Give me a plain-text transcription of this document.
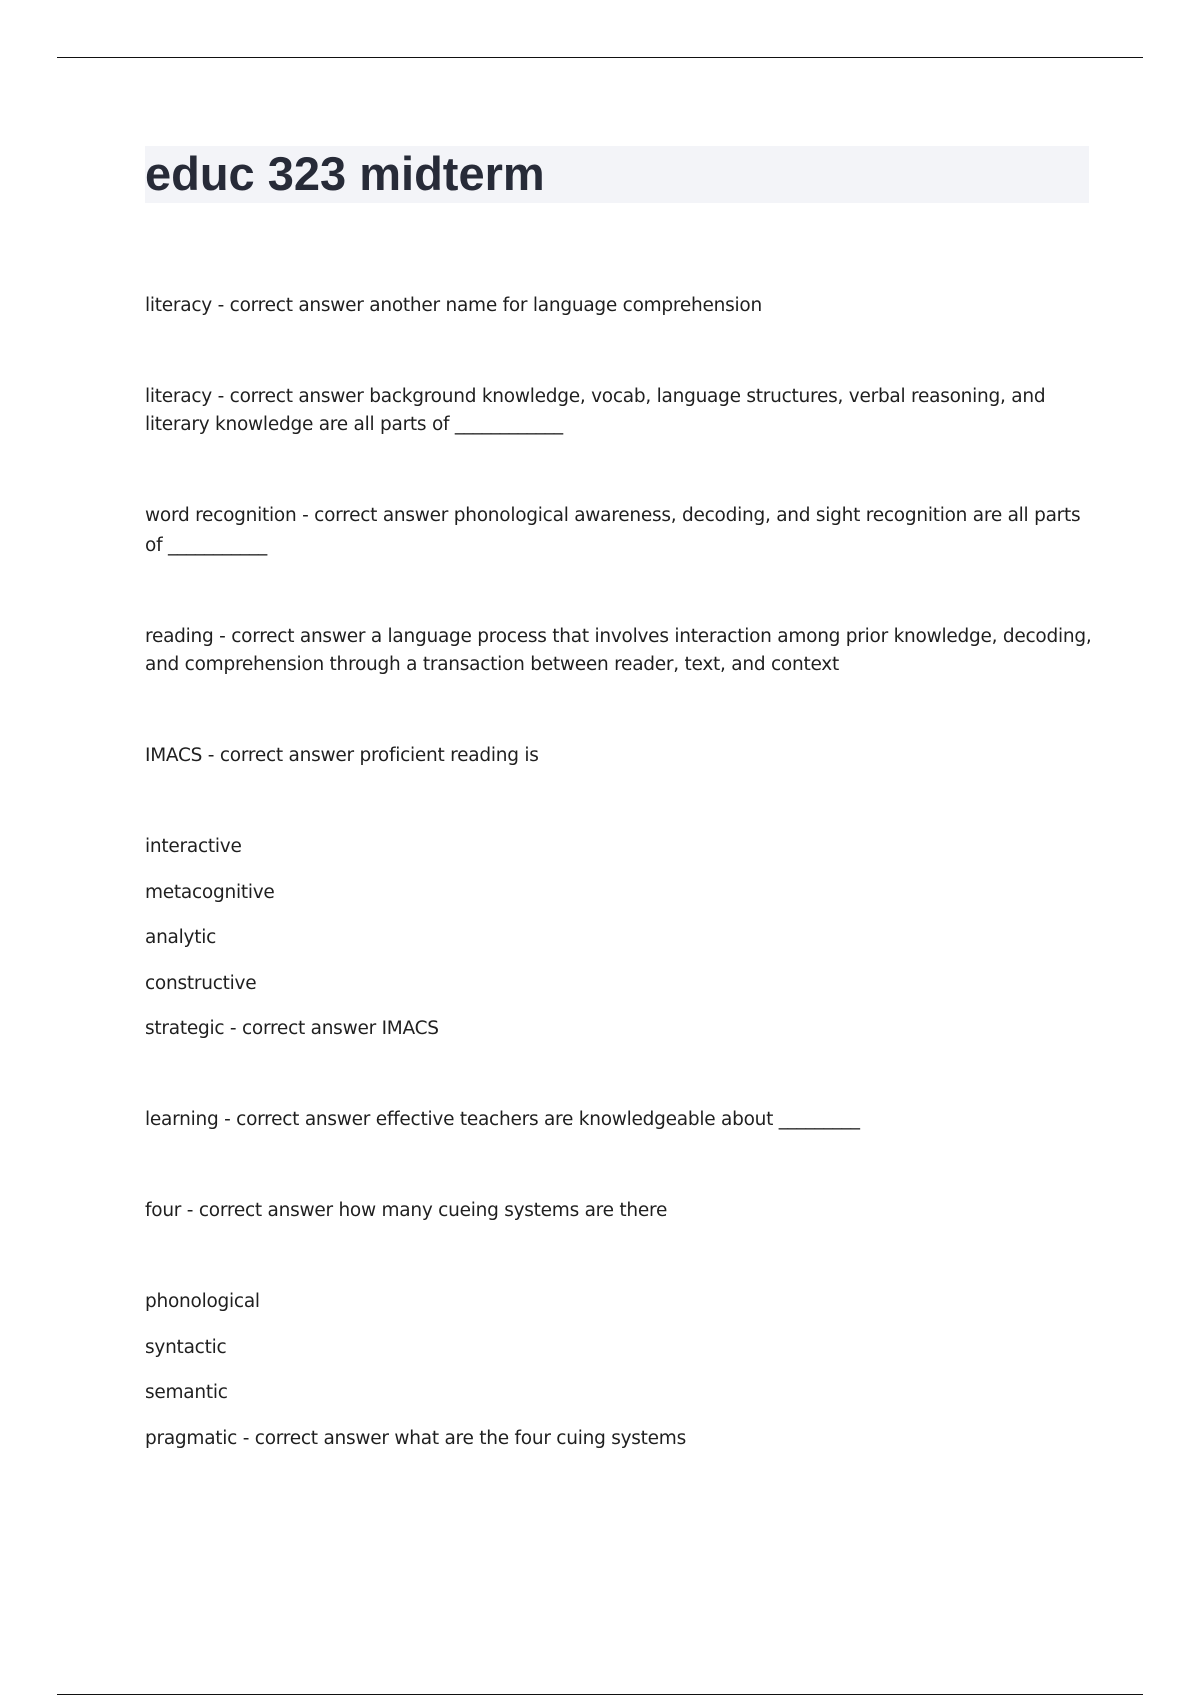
educ 323 midterm

literacy - correct answer another name for language comprehension

literacy - correct answer background knowledge, vocab, language structures, verbal reasoning, and

literary knowledge are all parts of ____________

word recognition - correct answer phonological awareness, decoding, and sight recognition are all parts

of ___________

reading - correct answer a language process that involves interaction among prior knowledge, decoding,

and comprehension through a transaction between reader, text, and context

IMACS - correct answer proficient reading is

interactive

metacognitive

analytic

constructive

strategic - correct answer IMACS

learning - correct answer effective teachers are knowledgeable about _________

four - correct answer how many cueing systems are there

phonological

syntactic

semantic

pragmatic - correct answer what are the four cuing systems
